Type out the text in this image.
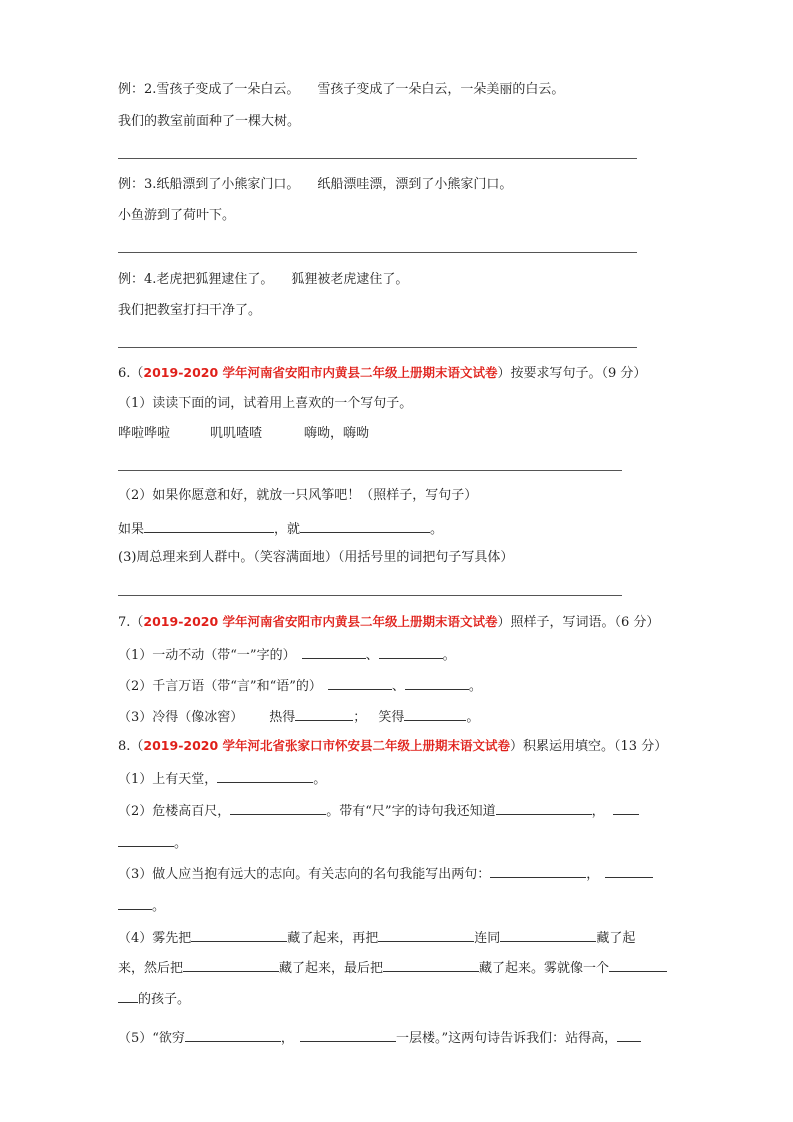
例：2.雪孩子变成了一朵白云。 雪孩子变成了一朵白云，一朵美丽的白云。
我们的教室前面种了一棵大树。
例：3.纸船漂到了小熊家门口。 纸船漂哇漂，漂到了小熊家门口。
小鱼游到了荷叶下。
例：4.老虎把狐狸逮住了。 狐狸被老虎逮住了。
我们把教室打扫干净了。
6.（2019-2020 学年河南省安阳市内黄县二年级上册期末语文试卷）按要求写句子。（9 分）
（1）读读下面的词，试着用上喜欢的一个写句子。
哗啦哗啦	叽叽喳喳	嗨呦，嗨呦
（2）如果你愿意和好，就放一只风筝吧！（照样子，写句子）
如果	，就	。
(3)周总理来到人群中。（笑容满面地）（用括号里的词把句子写具体）
7.（2019-2020 学年河南省安阳市内黄县二年级上册期末语文试卷）照样子，写词语。（6 分）
（1）一动不动（带“一”字的）	、	。
（2）千言万语（带“言”和“语”的）	、	。
（3）冷得（像冰窖） 热得	； 笑得	。
8.（2019-2020 学年河北省张家口市怀安县二年级上册期末语文试卷）积累运用填空。（13 分）
（1）上有天堂，	。
（2）危楼高百尺，	。带有“尺”字的诗句我还知道	，
。
（3）做人应当抱有远大的志向。有关志向的名句我能写出两句：	，
。
（4）雾先把	藏了起来，再把	连同	藏了起
来，然后把	藏了起来，最后把	藏了起来。雾就像一个
的孩子。
（5）“欲穷	，	一层楼。”这两句诗告诉我们：站得高，
